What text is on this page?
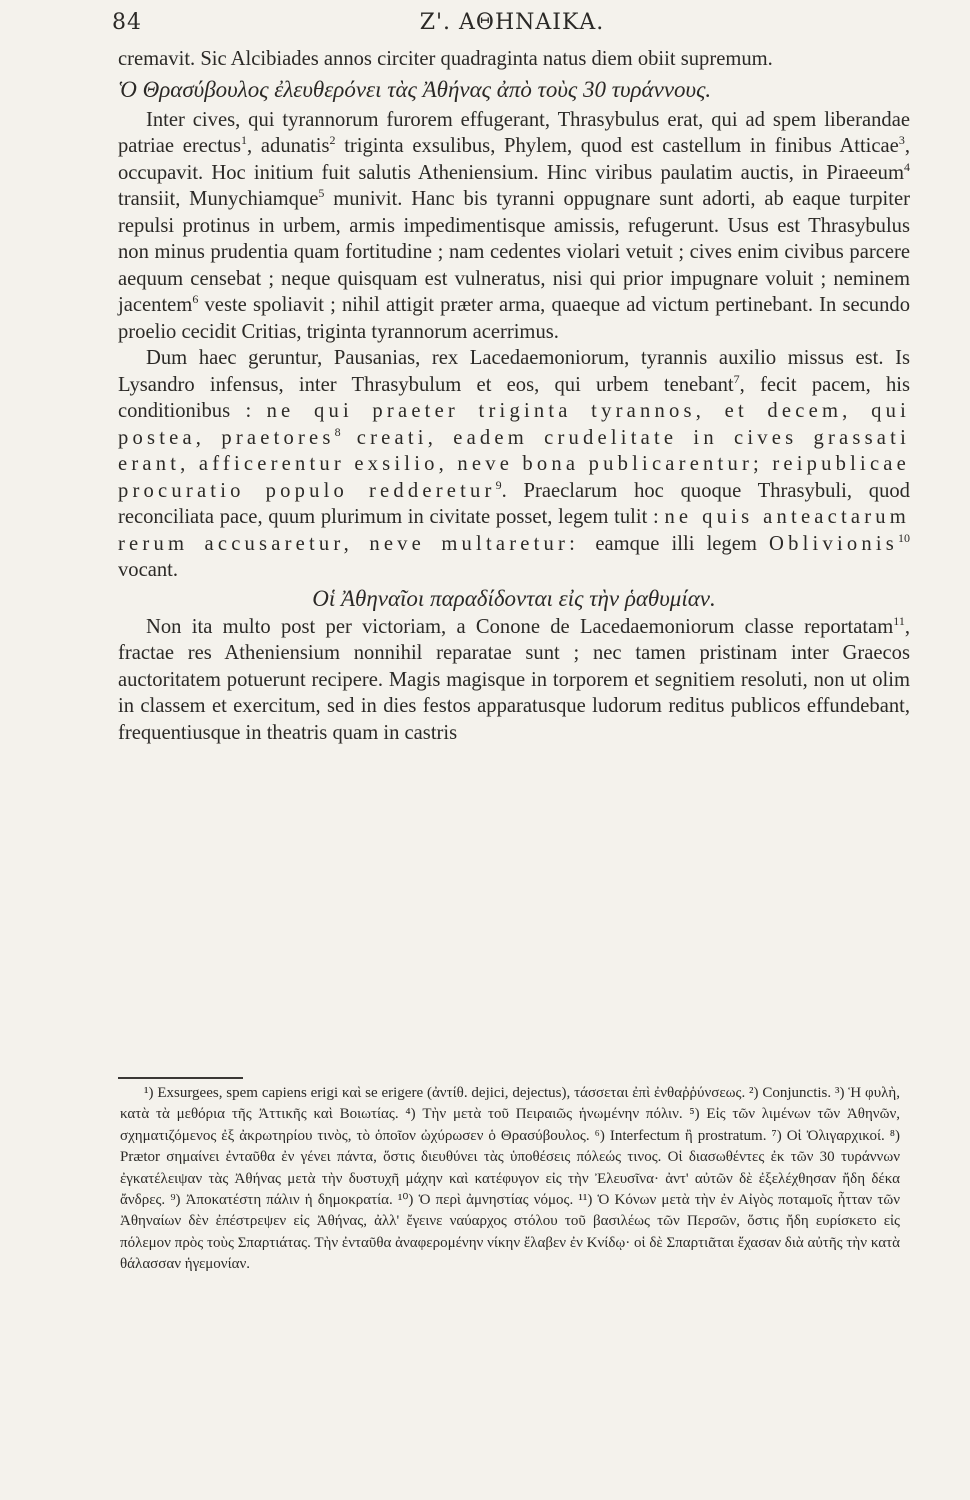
84	Z'. ΑΘΗΝΑΙΚΑ.

cremavit. Sic Alcibiades annos circiter quadraginta natus diem obiit supremum.

Ὁ Θρασύβουλος ἐλευθερόνει τὰς Ἀθήνας ἀπὸ τοὺς 30 τυράννους.

Inter cives, qui tyrannorum furorem effugerant, Thrasybulus erat, qui ad spem liberandae patriae erectus$^1$, adunatis$^2$ triginta exsulibus, Phylem, quod est castellum in finibus Atticae$^3$, occupavit. Hoc initium fuit salutis Atheniensium. Hinc viribus paulatim auctis, in Piraeeum$^4$ transiit, Munychiamque$^5$ munivit. Hanc bis tyranni oppugnare sunt adorti, ab eaque turpiter repulsi protinus in urbem, armis impedimentisque amissis, refugerunt. Usus est Thrasybulus non minus prudentia quam fortitudine ; nam cedentes violari vetuit ; cives enim civibus parcere aequum censebat ; neque quisquam est vulneratus, nisi qui prior impugnare voluit ; neminem jacentem$^6$ veste spoliavit ; nihil attigit præter arma, quaeque ad victum pertinebant. In secundo proelio cecidit Critias, triginta tyrannorum acerrimus.

Dum haec geruntur, Pausanias, rex Lacedaemoniorum, tyrannis auxilio missus est. Is Lysandro infensus, inter Thrasybulum et eos, qui urbem tenebant$^7$, fecit pacem, his conditionibus : ne qui praeter triginta tyrannos, et decem, qui postea, praetores$^8$ creati, eadem crudelitate in cives grassati erant, afficerentur exsilio, neve bona publicarentur; reipublicae procuratio populo redderetur$^9$. Praeclarum hoc quoque Thrasybuli, quod reconciliata pace, quum plurimum in civitate posset, legem tulit : ne quis anteactarum rerum accusaretur, neve multaretur: eamque illi legem Oblivionis$^{10}$ vocant.

Οἱ Ἀθηναῖοι παραδίδονται εἰς τὴν ῥαθυμίαν.

Non ita multo post per victoriam, a Conone de Lacedaemoniorum classe reportatam$^{11}$, fractae res Atheniensium nonnihil reparatae sunt ; nec tamen pristinam inter Graecos auctoritatem potuerunt recipere. Magis magisque in torporem et segnitiem resoluti, non ut olim in classem et exercitum, sed in dies festos apparatusque ludorum reditus publicos effundebant, frequentiusque in theatris quam in castris

¹) Exsurgees, spem capiens erigi καὶ se erigere (ἀντίθ. dejici, dejectus), τάσσεται ἐπὶ ἐνθαῤῥύνσεως. ²) Conjunctis. ³) Ἡ φυλὴ, κατὰ τὰ μεθόρια τῆς Ἀττικῆς καὶ Βοιωτίας. ⁴) Τὴν μετὰ τοῦ Πειραιῶς ἡνωμένην πόλιν. ⁵) Εἰς τῶν λιμένων τῶν Ἀθηνῶν, σχηματιζόμενος ἐξ ἀκρωτηρίου τινὸς, τὸ ὁποῖον ὠχύρωσεν ὁ Θρασύβουλος. ⁶) Interfectum ἢ prostratum. ⁷) Οἱ Ὀλιγαρχικοί. ⁸) Prætor σημαίνει ἐνταῦθα ἐν γένει πάντα, ὅστις διευθύνει τὰς ὑποθέσεις πόλεώς τινος. Οἱ διασωθέντες ἐκ τῶν 30 τυράννων ἐγκατέλειψαν τὰς Ἀθήνας μετὰ τὴν δυστυχῆ μάχην καὶ κατέφυγον εἰς τὴν Ἐλευσῖνα· ἀντ' αὐτῶν δὲ ἐξελέχθησαν ἤδη δέκα ἄνδρες. ⁹) Ἀποκατέστη πάλιν ἡ δημοκρατία. ¹⁰) Ὁ περὶ ἀμνηστίας νόμος. ¹¹) Ὁ Κόνων μετὰ τὴν ἐν Αἰγὸς ποταμοῖς ἧτταν τῶν Ἀθηναίων δὲν ἐπέστρεψεν εἰς Ἀθήνας, ἀλλ' ἔγεινε ναύαρχος στόλου τοῦ βασιλέως τῶν Περσῶν, ὅστις ἤδη ευρίσκετο εἰς πόλεμον πρὸς τοὺς Σπαρτιάτας. Τὴν ἐνταῦθα ἀναφερομένην νίκην ἔλαβεν ἐν Κνίδῳ· οἱ δὲ Σπαρτιᾶται ἔχασαν διὰ αὐτῆς τὴν κατὰ θάλασσαν ἡγεμονίαν.
